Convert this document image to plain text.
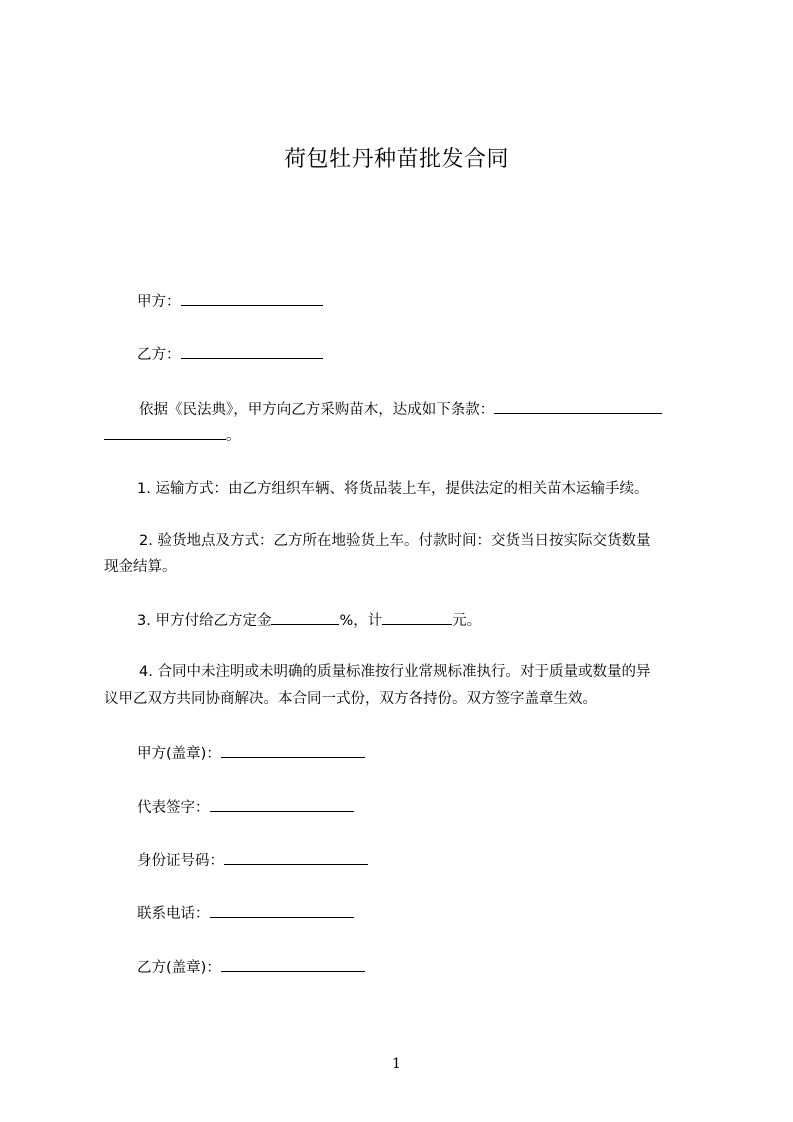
荷包牡丹种苗批发合同
甲方：
乙方：
依据《民法典》，甲方向乙方采购苗木，达成如下条款：
。
1. 运输方式：由乙方组织车辆、将货品装上车，提供法定的相关苗木运输手续。
2. 验货地点及方式：乙方所在地验货上车。付款时间：交货当日按实际交货数量
现金结算。
3. 甲方付给乙方定金	%，计	元。
4. 合同中未注明或未明确的质量标准按行业常规标准执行。对于质量或数量的异
议甲乙双方共同协商解决。本合同一式份，双方各持份。双方签字盖章生效。
甲方(盖章)：
代表签字：
身份证号码：
联系电话：
乙方(盖章)：
1
